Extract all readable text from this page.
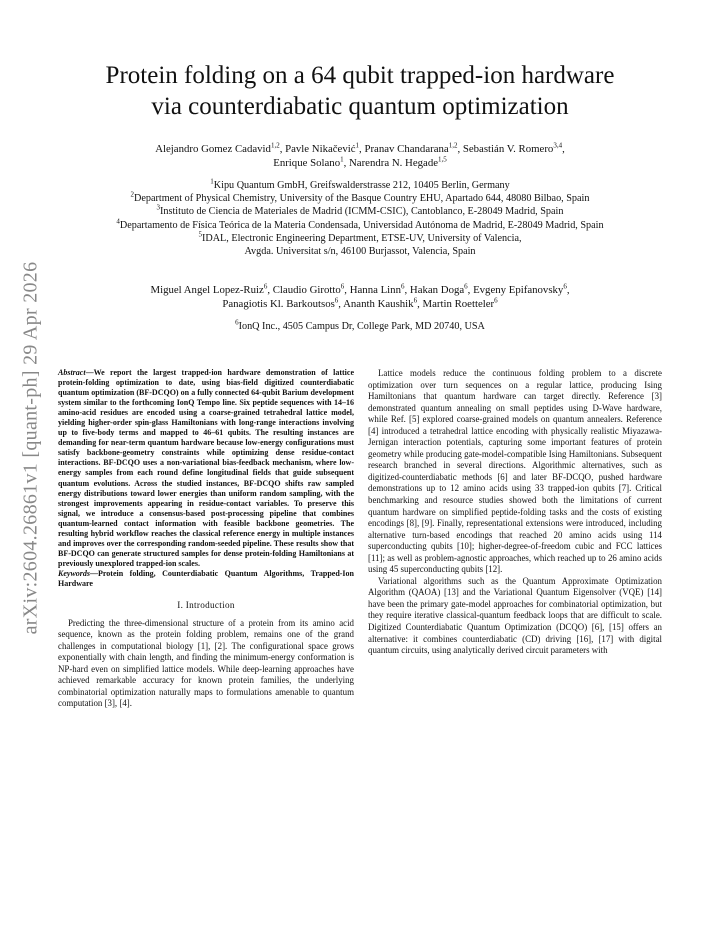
arXiv:2604.26861v1 [quant-ph] 29 Apr 2026
Protein folding on a 64 qubit trapped-ion hardware
via counterdiabatic quantum optimization
Alejandro Gomez Cadavid$^{1,2}$, Pavle Nikačević$^1$, Pranav Chandarana$^{1,2}$, Sebastián V. Romero$^{3,4}$,
Enrique Solano$^1$, Narendra N. Hegade$^{1,5}$
$^1$Kipu Quantum GmbH, Greifswalderstrasse 212, 10405 Berlin, Germany
$^2$Department of Physical Chemistry, University of the Basque Country EHU, Apartado 644, 48080 Bilbao, Spain
$^3$Instituto de Ciencia de Materiales de Madrid (ICMM-CSIC), Cantoblanco, E-28049 Madrid, Spain
$^4$Departamento de Física Teórica de la Materia Condensada, Universidad Autónoma de Madrid, E-28049 Madrid, Spain
$^5$IDAL, Electronic Engineering Department, ETSE-UV, University of Valencia,
Avgda. Universitat s/n, 46100 Burjassot, Valencia, Spain
Miguel Angel Lopez-Ruiz$^6$, Claudio Girotto$^6$, Hanna Linn$^6$, Hakan Doga$^6$, Evgeny Epifanovsky$^6$,
Panagiotis Kl. Barkoutsos$^6$, Ananth Kaushik$^6$, Martin Roetteler$^6$
$^6$IonQ Inc., 4505 Campus Dr, College Park, MD 20740, USA

Abstract—We report the largest trapped-ion hardware demonstration of lattice protein-folding optimization to date, using bias-field digitized counterdiabatic quantum optimization (BF-DCQO) on a fully connected 64-qubit Barium development system similar to the forthcoming IonQ Tempo line. Six peptide sequences with 14–16 amino-acid residues are encoded using a coarse-grained tetrahedral lattice model, yielding higher-order spin-glass Hamiltonians with long-range interactions involving up to five-body terms and mapped to 46–61 qubits. The resulting instances are demanding for near-term quantum hardware because low-energy configurations must satisfy backbone-geometry constraints while optimizing dense residue-contact interactions. BF-DCQO uses a non-variational bias-feedback mechanism, where low-energy samples from each round define longitudinal fields that guide subsequent quantum evolutions. Across the studied instances, BF-DCQO shifts raw sampled energy distributions toward lower energies than uniform random sampling, with the strongest improvements appearing in residue-contact variables. To preserve this signal, we introduce a consensus-based post-processing pipeline that combines quantum-learned contact information with feasible backbone geometries. The resulting hybrid workflow reaches the classical reference energy in multiple instances and improves over the corresponding random-seeded pipeline. These results show that BF-DCQO can generate structured samples for dense protein-folding Hamiltonians at previously unexplored trapped-ion scales.

Keywords—Protein folding, Counterdiabatic Quantum Algorithms, Trapped-Ion Hardware

I. Introduction

Predicting the three-dimensional structure of a protein from its amino acid sequence, known as the protein folding problem, remains one of the grand challenges in computational biology [1], [2]. The configurational space grows exponentially with chain length, and finding the minimum-energy conformation is NP-hard even on simplified lattice models. While deep-learning approaches have achieved remarkable accuracy for known protein families, the underlying combinatorial optimization naturally maps to formulations amenable to quantum computation [3], [4].

Lattice models reduce the continuous folding problem to a discrete optimization over turn sequences on a regular lattice, producing Ising Hamiltonians that quantum hardware can target directly. Reference [3] demonstrated quantum annealing on small peptides using D-Wave hardware, while Ref. [5] explored coarse-grained models on quantum annealers. Reference [4] introduced a tetrahedral lattice encoding with physically realistic Miyazawa-Jernigan interaction potentials, capturing some important features of protein geometry while producing gate-model-compatible Ising Hamiltonians. Subsequent research branched in several directions. Algorithmic alternatives, such as digitized-counterdiabatic methods [6] and later BF-DCQO, pushed hardware demonstrations up to 12 amino acids using 33 trapped-ion qubits [7]. Critical benchmarking and resource studies showed both the limitations of current quantum hardware on simplified peptide-folding tasks and the costs of existing encodings [8], [9]. Finally, representational extensions were introduced, including alternative turn-based encodings that reached 20 amino acids using 114 superconducting qubits [10]; higher-degree-of-freedom cubic and FCC lattices [11]; as well as problem-agnostic approaches, which reached up to 26 amino acids using 45 superconducting qubits [12].

Variational algorithms such as the Quantum Approximate Optimization Algorithm (QAOA) [13] and the Variational Quantum Eigensolver (VQE) [14] have been the primary gate-model approaches for combinatorial optimization, but they require iterative classical-quantum feedback loops that are difficult to scale. Digitized Counterdiabatic Quantum Optimization (DCQO) [6], [15] offers an alternative: it combines counterdiabatic (CD) driving [16], [17] with digital quantum circuits, using analytically derived circuit parameters with
